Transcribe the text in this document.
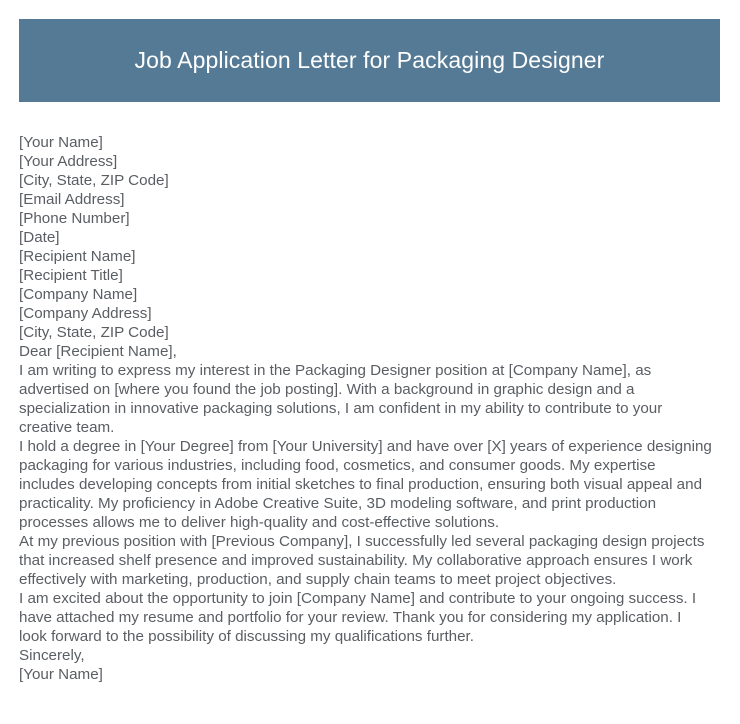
Job Application Letter for Packaging Designer
[Your Name]
[Your Address]
[City, State, ZIP Code]
[Email Address]
[Phone Number]
[Date]
[Recipient Name]
[Recipient Title]
[Company Name]
[Company Address]
[City, State, ZIP Code]
Dear [Recipient Name],

I am writing to express my interest in the Packaging Designer position at [Company Name], as advertised on [where you found the job posting]. With a background in graphic design and a specialization in innovative packaging solutions, I am confident in my ability to contribute to your creative team.

I hold a degree in [Your Degree] from [Your University] and have over [X] years of experience designing packaging for various industries, including food, cosmetics, and consumer goods. My expertise includes developing concepts from initial sketches to final production, ensuring both visual appeal and practicality. My proficiency in Adobe Creative Suite, 3D modeling software, and print production processes allows me to deliver high-quality and cost-effective solutions.

At my previous position with [Previous Company], I successfully led several packaging design projects that increased shelf presence and improved sustainability. My collaborative approach ensures I work effectively with marketing, production, and supply chain teams to meet project objectives.

I am excited about the opportunity to join [Company Name] and contribute to your ongoing success. I have attached my resume and portfolio for your review. Thank you for considering my application. I look forward to the possibility of discussing my qualifications further.

Sincerely,
[Your Name]
